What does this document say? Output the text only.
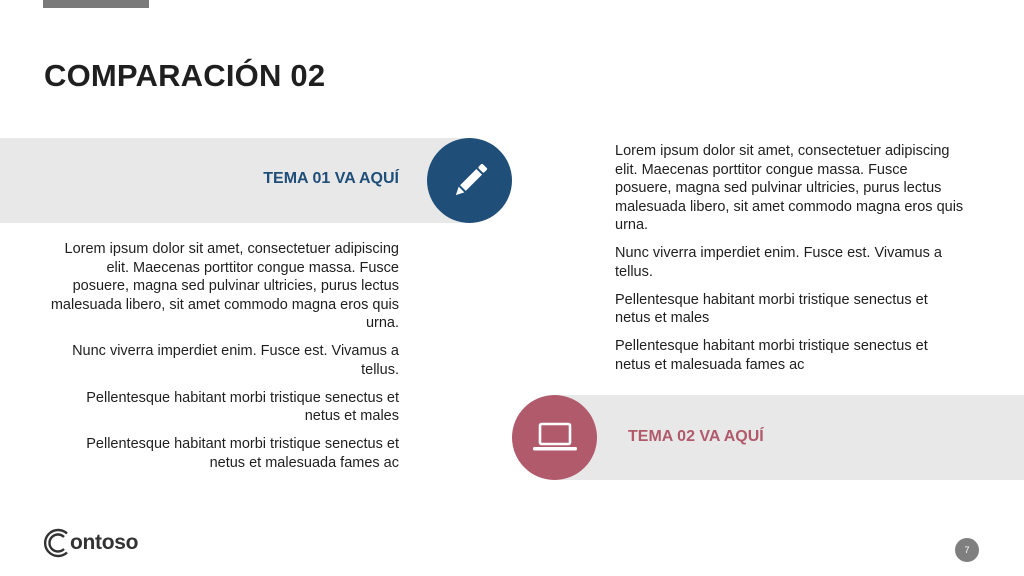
COMPARACIÓN 02
TEMA 01 VA AQUÍ
TEMA 02 VA AQUÍ

Lorem ipsum dolor sit amet, consectetuer adipiscing elit. Maecenas porttitor congue massa. Fusce posuere, magna sed pulvinar ultricies, purus lectus malesuada libero, sit amet commodo magna eros quis urna.

Nunc viverra imperdiet enim. Fusce est. Vivamus a tellus.

Pellentesque habitant morbi tristique senectus et netus et males

Pellentesque habitant morbi tristique senectus et netus et malesuada fames ac

Lorem ipsum dolor sit amet, consectetuer adipiscing elit. Maecenas porttitor congue massa. Fusce posuere, magna sed pulvinar ultricies, purus lectus malesuada libero, sit amet commodo magna eros quis urna.

Nunc viverra imperdiet enim. Fusce est. Vivamus a tellus.

Pellentesque habitant morbi tristique senectus et netus et males

Pellentesque habitant morbi tristique senectus et netus et malesuada fames ac

ontoso	7
